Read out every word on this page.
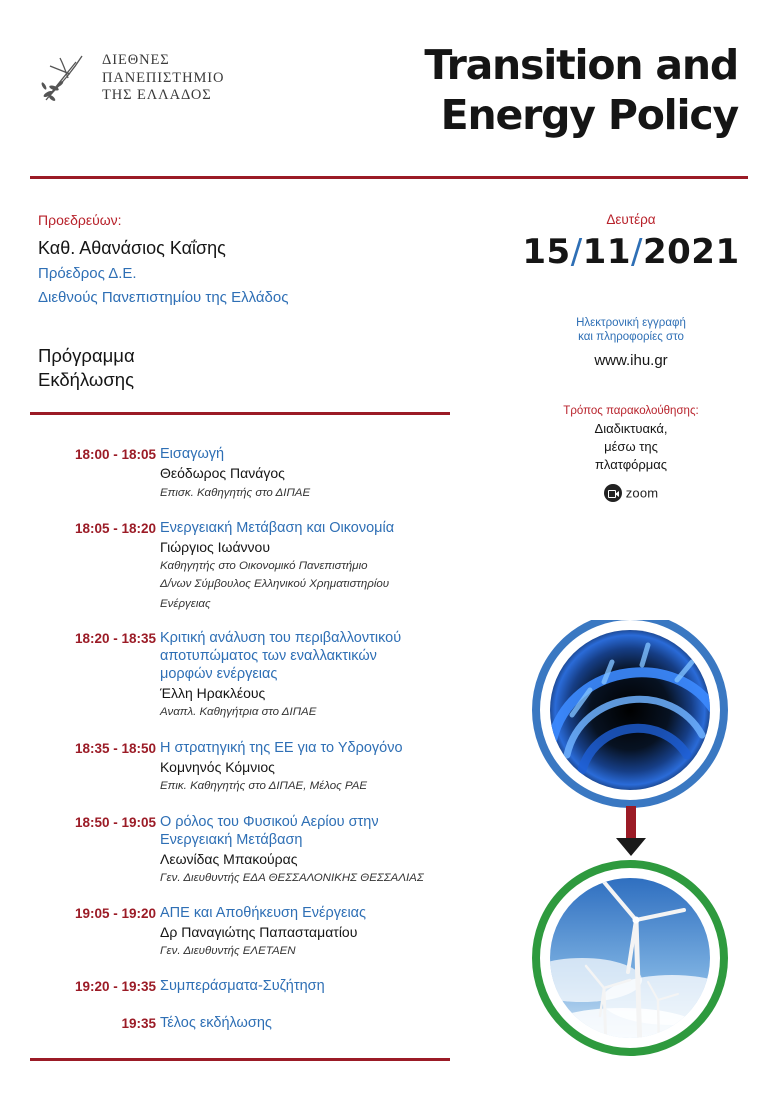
ΔΙΕΘΝΕΣ
ΠΑΝΕΠΙΣΤΗΜΙΟ
ΤΗΣ ΕΛΛΑΔΟΣ
Transition and
Energy Policy
Προεδρεύων:
Καθ. Αθανάσιος Καΐσης
Πρόεδρος Δ.Ε.
Διεθνούς Πανεπιστημίου της Ελλάδος
Πρόγραμμα
Εκδήλωσης
Δευτέρα
15/11/2021
Ηλεκτρονική εγγραφή
και πληροφορίες στο
www.ihu.gr
Τρόπος παρακολούθησης:
Διαδικτυακά,
μέσω της
πλατφόρμας
zoom
18:00 - 18:05 Εισαγωγή
Θεόδωρος Πανάγος
Επισκ. Καθηγητής στο ΔΙΠΑΕ
18:05 - 18:20 Ενεργειακή Μετάβαση και Οικονομία
Γιώργιος Ιωάννου
Καθηγητής στο Οικονομικό Πανεπιστήμιο
Δ/νων Σύμβουλος Ελληνικού Χρηματιστηρίου
Ενέργειας
18:20 - 18:35 Κριτική ανάλυση του περιβαλλοντικού
αποτυπώματος των εναλλακτικών
μορφών ενέργειας
Έλλη Ηρακλέους
Αναπλ. Καθηγήτρια στο ΔΙΠΑΕ
18:35 - 18:50 Η στρατηγική της ΕΕ για το Υδρογόνο
Κομνηνός Κόμνιος
Επικ. Καθηγητής στο ΔΙΠΑΕ, Μέλος ΡΑΕ
18:50 - 19:05 Ο ρόλος του Φυσικού Αερίου στην
Ενεργειακή Μετάβαση
Λεωνίδας Μπακούρας
Γεν. Διευθυντής ΕΔΑ ΘΕΣΣΑΛΟΝΙΚΗΣ ΘΕΣΣΑΛΙΑΣ
19:05 - 19:20 ΑΠΕ και Αποθήκευση Ενέργειας
Δρ Παναγιώτης Παπασταματίου
Γεν. Διευθυντής ΕΛΕΤΑΕΝ
19:20 - 19:35 Συμπεράσματα-Συζήτηση
19:35 Τέλος εκδήλωσης
